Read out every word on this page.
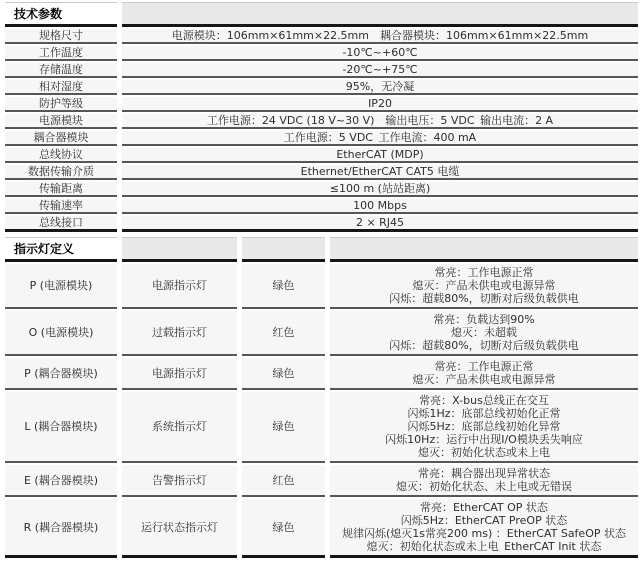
技术参数	
规格尺寸	电源模块：106mm×61mm×22.5mm　耦合器模块：106mm×61mm×22.5mm
工作温度	-10℃~+60℃
存储温度	-20℃~+75℃
相对湿度	95%，无冷凝
防护等级	IP20
电源模块	工作电源：24 VDC (18 V~30 V)　输出电压：5 VDC 输出电流：2 A
耦合器模块	工作电源：5 VDC 工作电流：400 mA
总线协议	EtherCAT (MDP)
数据传输介质	Ethernet/EtherCAT CAT5 电缆
传输距离	≤100 m (站站距离)
传输速率	100 Mbps
总线接口	2 × RJ45
指示灯定义			
P (电源模块)	电源指示灯	绿色	常亮：工作电源正常
熄灭：产品未供电或电源异常
闪烁：超载80%，切断对后级负载供电

O (电源模块)	过载指示灯	红色	常亮：负载达到90%
熄灭：未超载
闪烁：超载80%，切断对后级负载供电

P (耦合器模块)	电源指示灯	绿色	常亮：工作电源正常
熄灭：产品未供电或电源异常

L (耦合器模块)	系统指示灯	绿色	常亮：X-bus总线正在交互
闪烁1Hz：底部总线初始化正常
闪烁5Hz：底部总线初始化异常
闪烁10Hz：运行中出现I/O模块丢失响应
熄灭：初始化状态或未上电

E (耦合器模块)	告警指示灯	红色	常亮：耦合器出现异常状态
熄灭：初始化状态、未上电或无错误

R (耦合器模块)	运行状态指示灯	绿色	常亮：EtherCAT OP 状态
闪烁5Hz：EtherCAT PreOP 状态
规律闪烁(熄灭1s常亮200 ms) ：EtherCAT SafeOP 状态
熄灭：初始化状态或未上电 EtherCAT Init 状态
